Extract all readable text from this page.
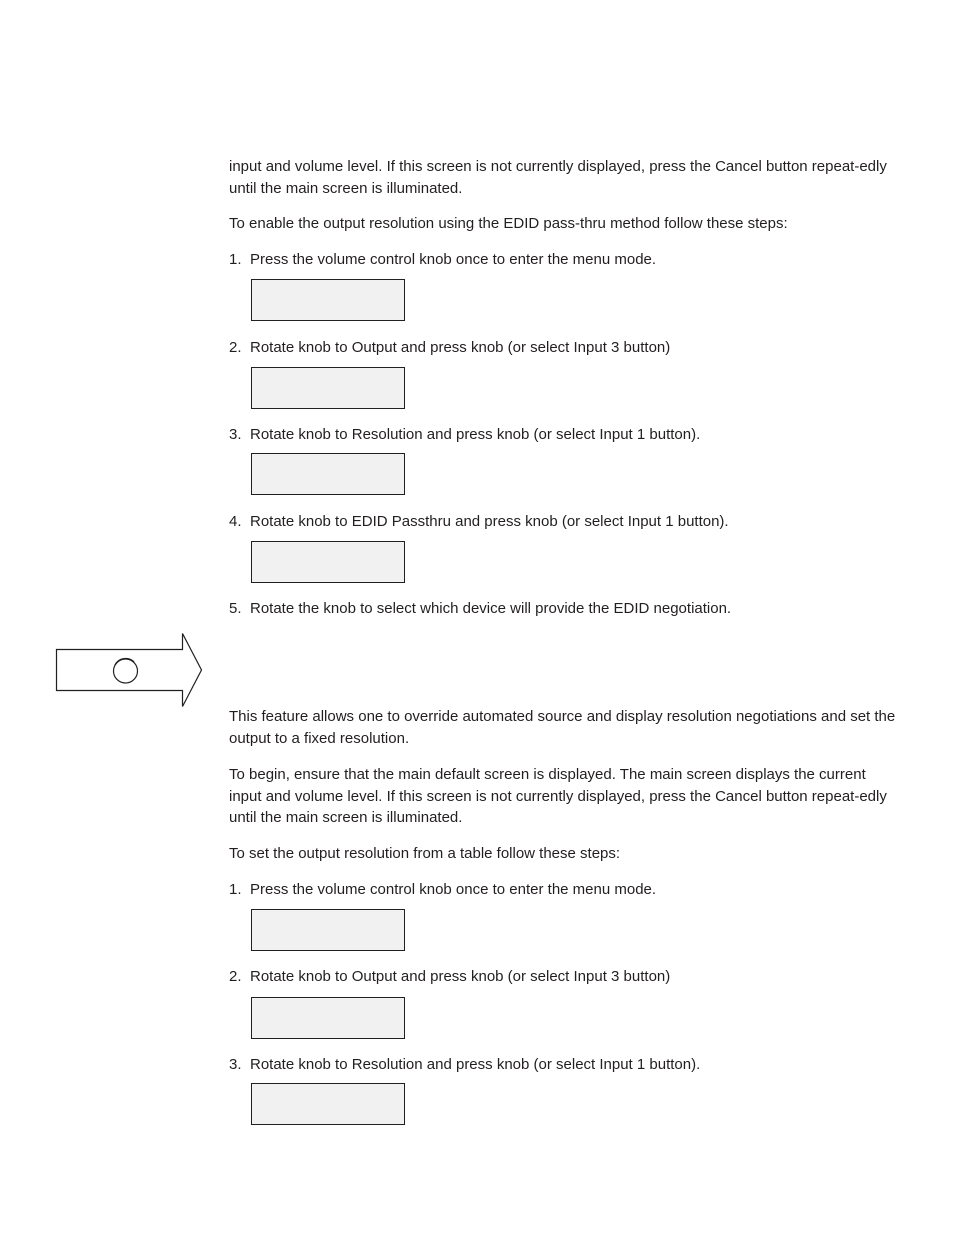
input and volume level. If this screen is not currently displayed, press the Cancel button repeat-edly until the main screen is illuminated.

To enable the output resolution using the EDID pass-thru method follow these steps:

1. Press the volume control knob once to enter the menu mode.

2. Rotate knob to Output and press knob (or select Input 3 button)

3. Rotate knob to Resolution and press knob (or select Input 1 button).

4. Rotate knob to EDID Passthru and press knob (or select Input 1 button).

5. Rotate the knob to select which device will provide the EDID negotiation.

This feature allows one to override automated source and display resolution negotiations and set the output to a fixed resolution.

To begin, ensure that the main default screen is displayed. The main screen displays the current input and volume level. If this screen is not currently displayed, press the Cancel button repeat-edly until the main screen is illuminated.

To set the output resolution from a table follow these steps:

1. Press the volume control knob once to enter the menu mode.

2. Rotate knob to Output and press knob (or select Input 3 button)

3. Rotate knob to Resolution and press knob (or select Input 1 button).
